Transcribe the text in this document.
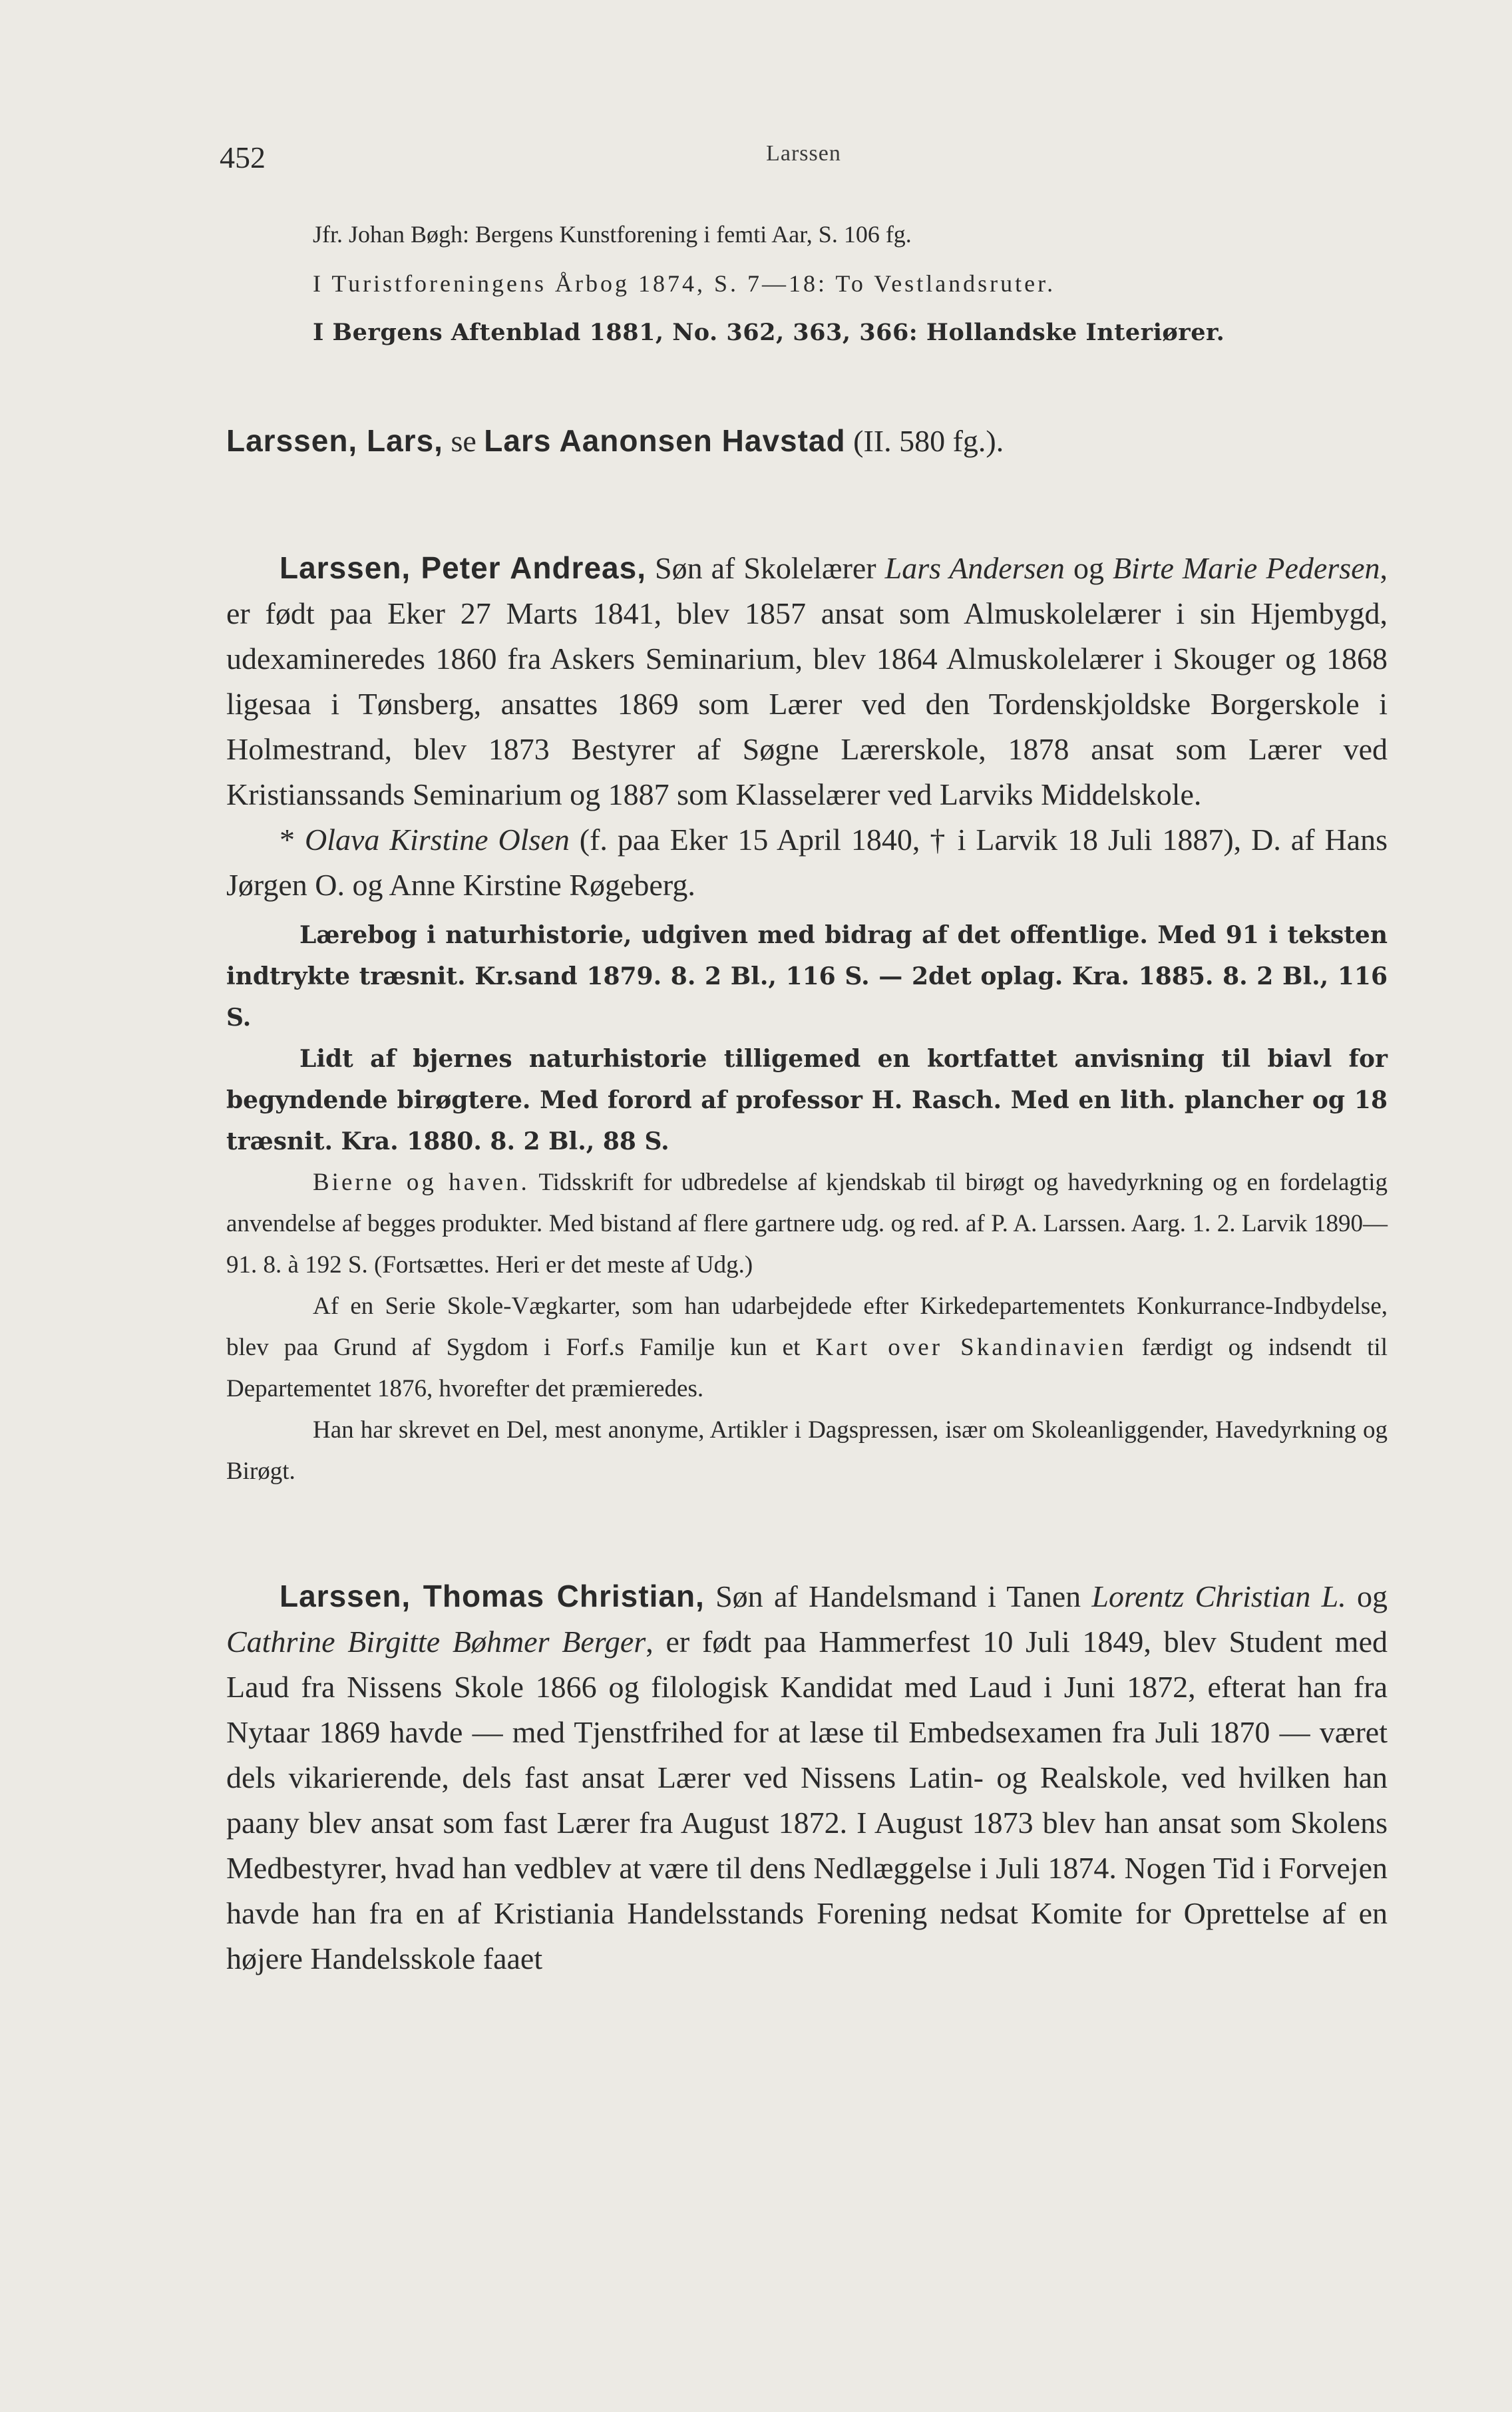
452	Larssen

Jfr. Johan Bøgh: Bergens Kunstforening i femti Aar, S. 106 fg.

I Turistforeningens Årbog 1874, S. 7—18: To Vestlandsruter.

I Bergens Aftenblad 1881, No. 362, 363, 366: Hollandske Interiører.

Larssen, Lars, se Lars Aanonsen Havstad (II. 580 fg.).

Larssen, Peter Andreas, Søn af Skolelærer Lars Andersen og Birte Marie Pedersen, er født paa Eker 27 Marts 1841, blev 1857 ansat som Almuskolelærer i sin Hjembygd, udexamineredes 1860 fra Askers Seminarium, blev 1864 Almuskolelærer i Skouger og 1868 ligesaa i Tønsberg, ansattes 1869 som Lærer ved den Tordenskjoldske Borgerskole i Holmestrand, blev 1873 Bestyrer af Søgne Lærerskole, 1878 ansat som Lærer ved Kristianssands Seminarium og 1887 som Klasselærer ved Larviks Middelskole.

* Olava Kirstine Olsen (f. paa Eker 15 April 1840, † i Larvik 18 Juli 1887), D. af Hans Jørgen O. og Anne Kirstine Røgeberg.

Lærebog i naturhistorie, udgiven med bidrag af det offentlige. Med 91 i teksten indtrykte træsnit. Kr.sand 1879. 8. 2 Bl., 116 S. — 2det oplag. Kra. 1885. 8. 2 Bl., 116 S.

Lidt af bjernes naturhistorie tilligemed en kortfattet anvisning til biavl for begyndende birøgtere. Med forord af professor H. Rasch. Med en lith. plancher og 18 træsnit. Kra. 1880. 8. 2 Bl., 88 S.

Bierne og haven. Tidsskrift for udbredelse af kjendskab til birøgt og havedyrkning og en fordelagtig anvendelse af begges produkter. Med bistand af flere gartnere udg. og red. af P. A. Larssen. Aarg. 1. 2. Larvik 1890—91. 8. à 192 S. (Fortsættes. Heri er det meste af Udg.)

Af en Serie Skole-Vægkarter, som han udarbejdede efter Kirkedepartementets Konkurrance-Indbydelse, blev paa Grund af Sygdom i Forf.s Familje kun et Kart over Skandinavien færdigt og indsendt til Departementet 1876, hvorefter det præmieredes.

Han har skrevet en Del, mest anonyme, Artikler i Dagspressen, især om Skoleanliggender, Havedyrkning og Birøgt.

Larssen, Thomas Christian, Søn af Handelsmand i Tanen Lorentz Christian L. og Cathrine Birgitte Bøhmer Berger, er født paa Hammerfest 10 Juli 1849, blev Student med Laud fra Nissens Skole 1866 og filologisk Kandidat med Laud i Juni 1872, efterat han fra Nytaar 1869 havde — med Tjenstfrihed for at læse til Embedsexamen fra Juli 1870 — været dels vikarierende, dels fast ansat Lærer ved Nissens Latin- og Realskole, ved hvilken han paany blev ansat som fast Lærer fra August 1872. I August 1873 blev han ansat som Skolens Medbestyrer, hvad han vedblev at være til dens Nedlæggelse i Juli 1874. Nogen Tid i Forvejen havde han fra en af Kristiania Handelsstands Forening nedsat Komite for Oprettelse af en højere Handelsskole faaet
